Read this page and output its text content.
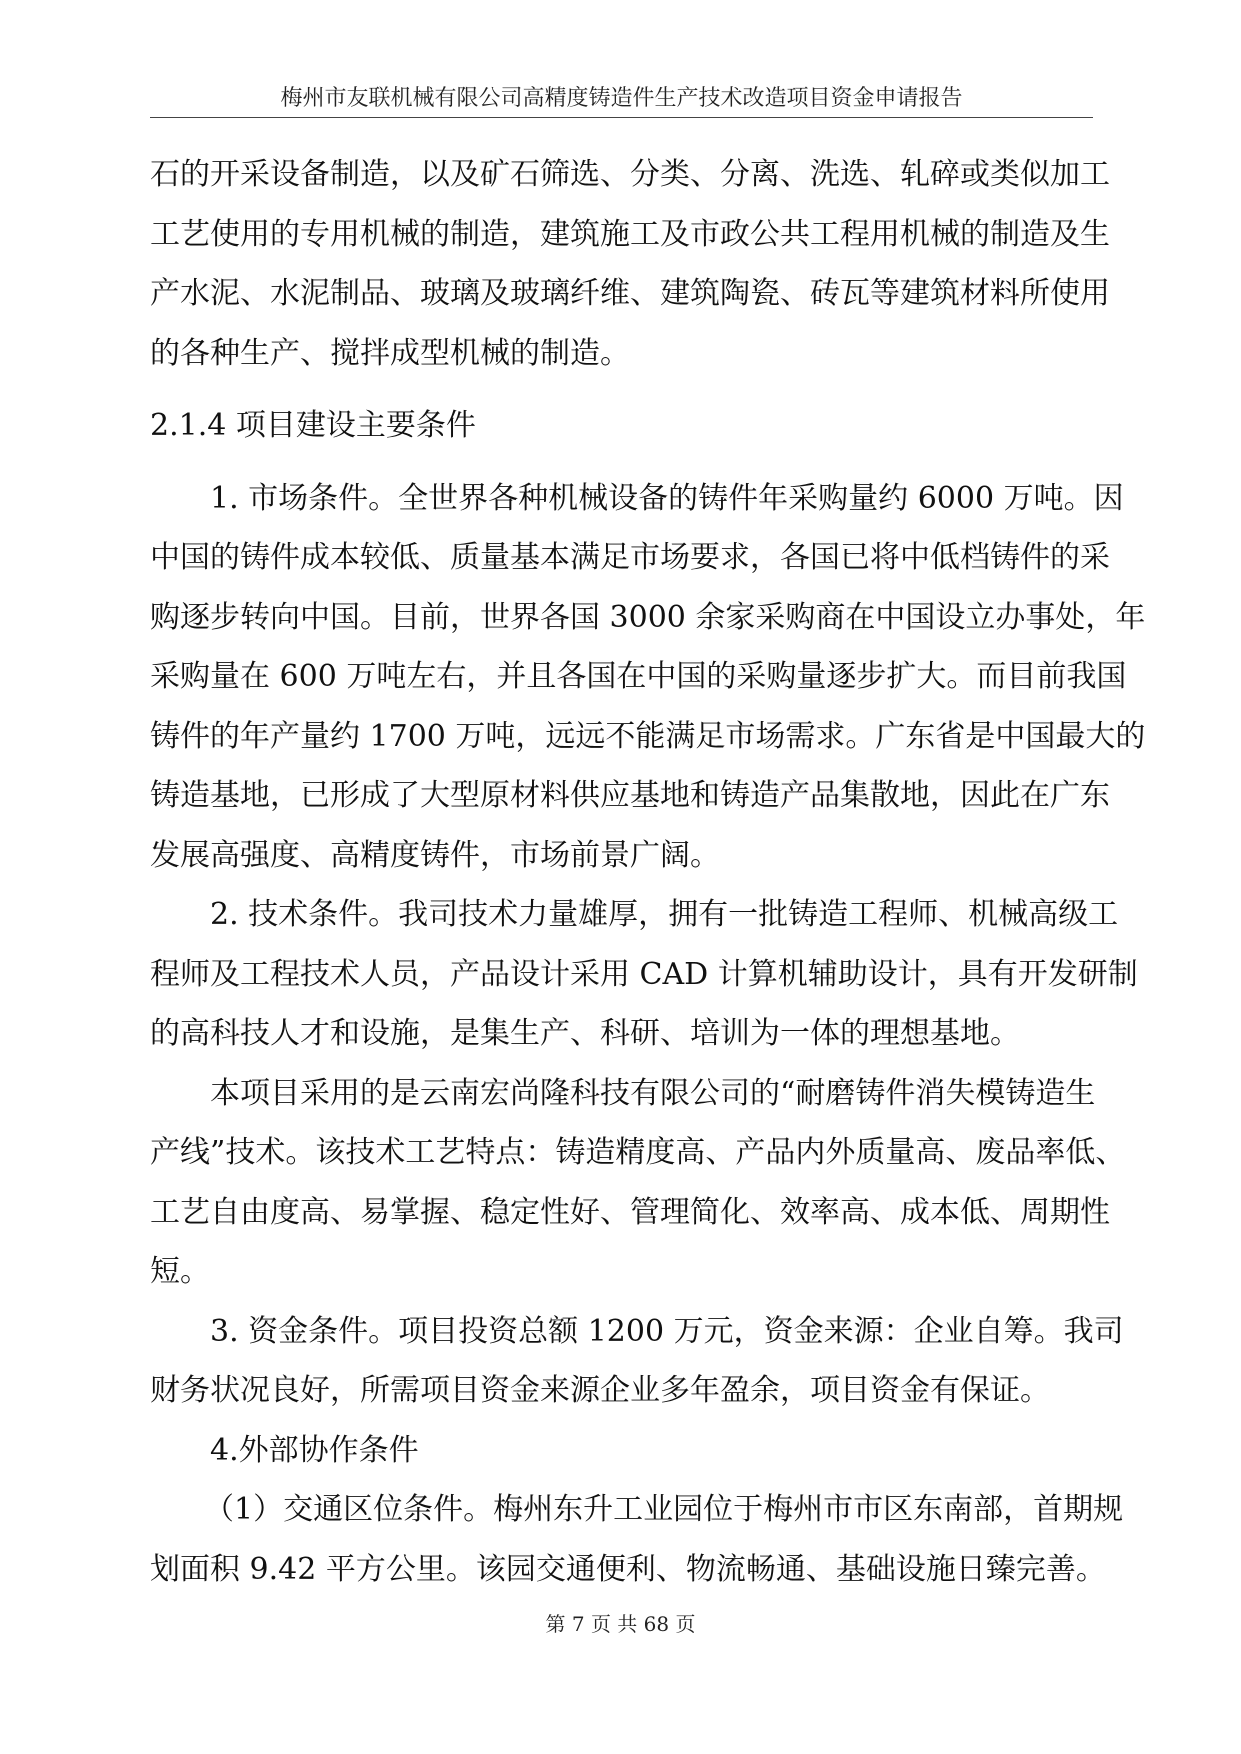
梅州市友联机械有限公司高精度铸造件生产技术改造项目资金申请报告
石的开采设备制造，以及矿石筛选、分类、分离、洗选、轧碎或类似加工
工艺使用的专用机械的制造，建筑施工及市政公共工程用机械的制造及生
产水泥、水泥制品、玻璃及玻璃纤维、建筑陶瓷、砖瓦等建筑材料所使用
的各种生产、搅拌成型机械的制造。
2.1.4 项目建设主要条件
1. 市场条件。全世界各种机械设备的铸件年采购量约 6000 万吨。因
中国的铸件成本较低、质量基本满足市场要求，各国已将中低档铸件的采
购逐步转向中国。目前，世界各国 3000 余家采购商在中国设立办事处，年
采购量在 600 万吨左右，并且各国在中国的采购量逐步扩大。而目前我国
铸件的年产量约 1700 万吨，远远不能满足市场需求。广东省是中国最大的
铸造基地，已形成了大型原材料供应基地和铸造产品集散地，因此在广东
发展高强度、高精度铸件，市场前景广阔。
2. 技术条件。我司技术力量雄厚，拥有一批铸造工程师、机械高级工
程师及工程技术人员，产品设计采用 CAD 计算机辅助设计，具有开发研制
的高科技人才和设施，是集生产、科研、培训为一体的理想基地。
本项目采用的是云南宏尚隆科技有限公司的“耐磨铸件消失模铸造生
产线”技术。该技术工艺特点：铸造精度高、产品内外质量高、废品率低、
工艺自由度高、易掌握、稳定性好、管理简化、效率高、成本低、周期性
短。
3. 资金条件。项目投资总额 1200 万元，资金来源：企业自筹。我司
财务状况良好，所需项目资金来源企业多年盈余，项目资金有保证。
4.外部协作条件
（1）交通区位条件。梅州东升工业园位于梅州市市区东南部，首期规
划面积 9.42 平方公里。该园交通便利、物流畅通、基础设施日臻完善。
第 7 页 共 68 页
